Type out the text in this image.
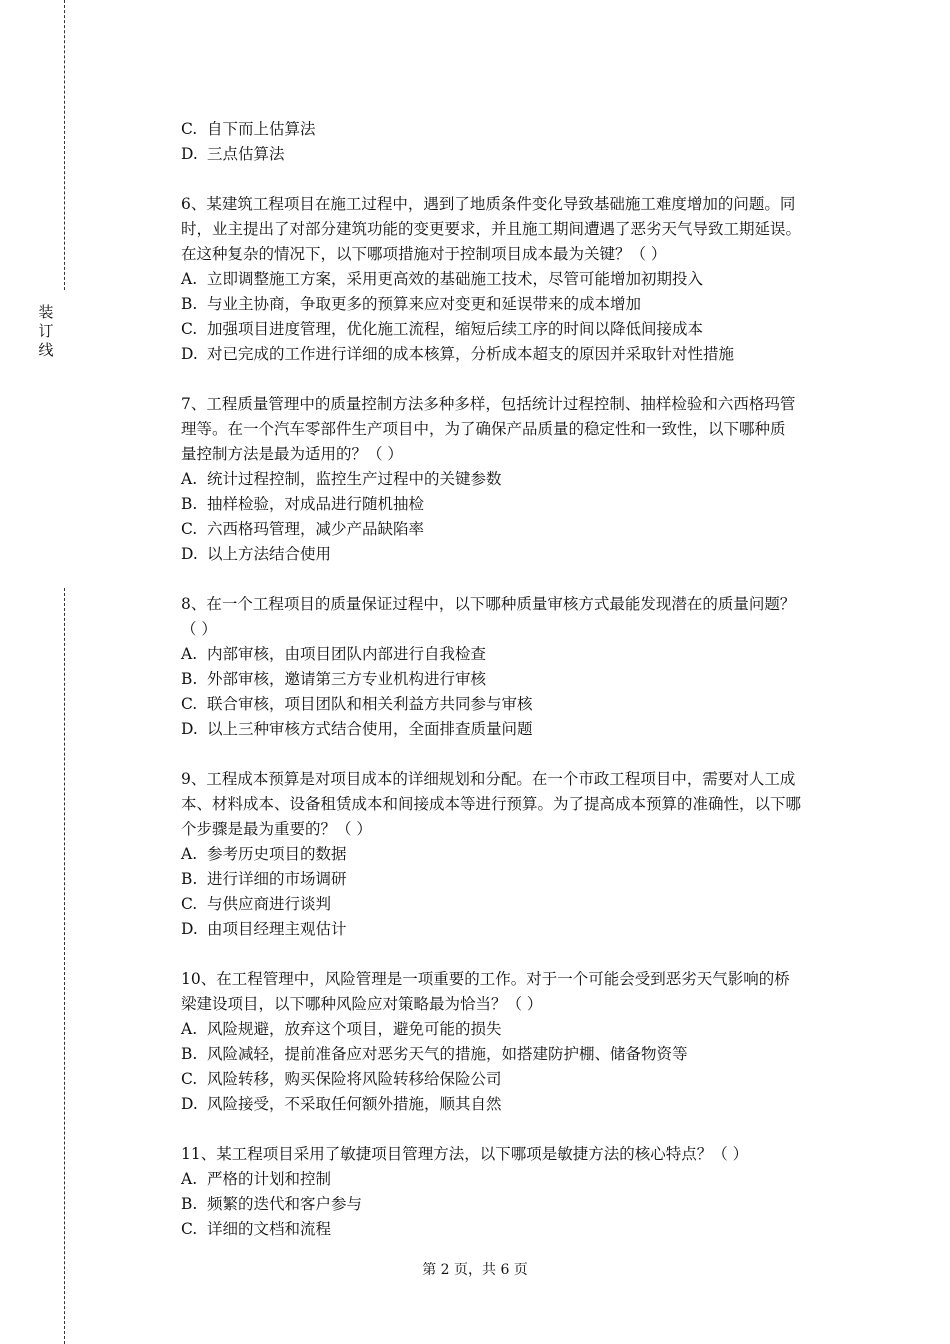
装
订
线
C. 自下而上估算法
D. 三点估算法
6、某建筑工程项目在施工过程中，遇到了地质条件变化导致基础施工难度增加的问题。同
时，业主提出了对部分建筑功能的变更要求，并且施工期间遭遇了恶劣天气导致工期延误。
在这种复杂的情况下，以下哪项措施对于控制项目成本最为关键？（ ）
A. 立即调整施工方案，采用更高效的基础施工技术，尽管可能增加初期投入
B. 与业主协商，争取更多的预算来应对变更和延误带来的成本增加
C. 加强项目进度管理，优化施工流程，缩短后续工序的时间以降低间接成本
D. 对已完成的工作进行详细的成本核算，分析成本超支的原因并采取针对性措施
7、工程质量管理中的质量控制方法多种多样，包括统计过程控制、抽样检验和六西格玛管
理等。在一个汽车零部件生产项目中，为了确保产品质量的稳定性和一致性，以下哪种质
量控制方法是最为适用的？（ ）
A. 统计过程控制，监控生产过程中的关键参数
B. 抽样检验，对成品进行随机抽检
C. 六西格玛管理，减少产品缺陷率
D. 以上方法结合使用
8、在一个工程项目的质量保证过程中，以下哪种质量审核方式最能发现潜在的质量问题？
（ ）
A. 内部审核，由项目团队内部进行自我检查
B. 外部审核，邀请第三方专业机构进行审核
C. 联合审核，项目团队和相关利益方共同参与审核
D. 以上三种审核方式结合使用，全面排查质量问题
9、工程成本预算是对项目成本的详细规划和分配。在一个市政工程项目中，需要对人工成
本、材料成本、设备租赁成本和间接成本等进行预算。为了提高成本预算的准确性，以下哪
个步骤是最为重要的？（ ）
A. 参考历史项目的数据
B. 进行详细的市场调研
C. 与供应商进行谈判
D. 由项目经理主观估计
10、在工程管理中，风险管理是一项重要的工作。对于一个可能会受到恶劣天气影响的桥
梁建设项目，以下哪种风险应对策略最为恰当？（ ）
A. 风险规避，放弃这个项目，避免可能的损失
B. 风险减轻，提前准备应对恶劣天气的措施，如搭建防护棚、储备物资等
C. 风险转移，购买保险将风险转移给保险公司
D. 风险接受，不采取任何额外措施，顺其自然
11、某工程项目采用了敏捷项目管理方法，以下哪项是敏捷方法的核心特点？（ ）
A. 严格的计划和控制
B. 频繁的迭代和客户参与
C. 详细的文档和流程
第 2 页，共 6 页
